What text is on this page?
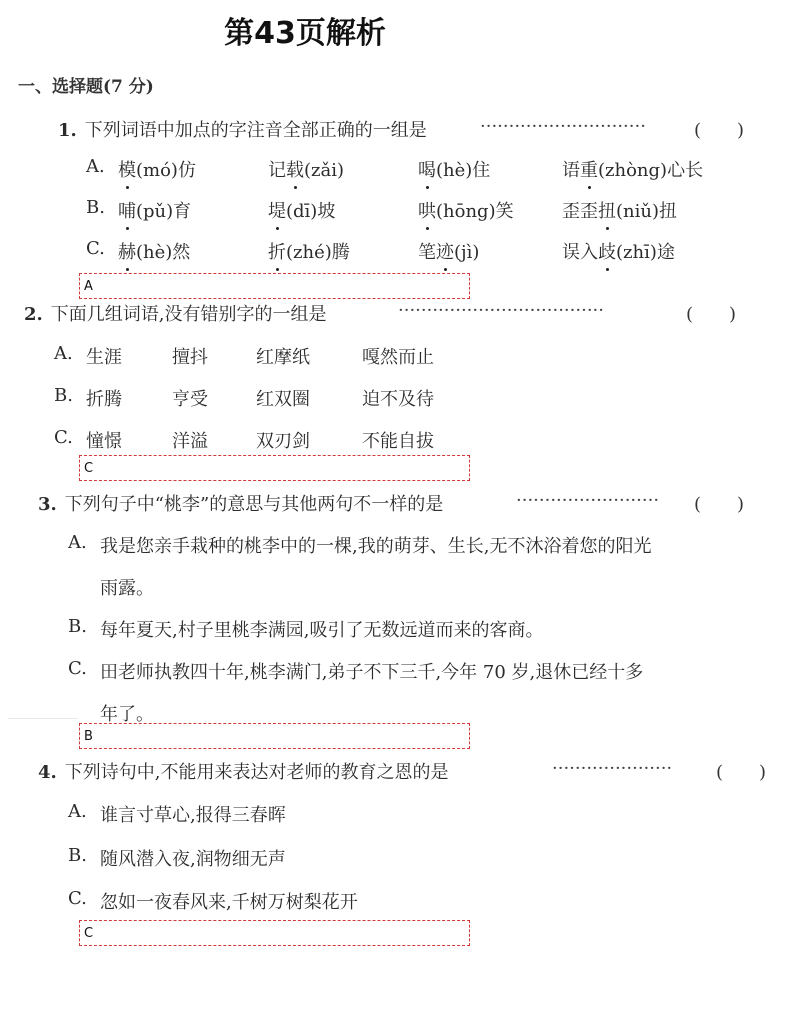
第43页解析
一、选择题(7 分)
1. 下列词语中加点的字注音全部正确的一组是	·····························	(　　)
A. 模(mó)仿	记载(zǎi)	喝(hè)住	语重(zhòng)心长
B. 哺(pǔ)育	堤(dī)坡	哄(hōng)笑	歪歪扭(niǔ)扭
C. 赫(hè)然	折(zhé)腾	笔迹(jì)	误入歧(zhī)途
A
2. 下面几组词语,没有错别字的一组是	····································	(　　)
A. 生涯	擅抖	红摩纸	嘎然而止
B. 折腾	亨受	红双圈	迫不及待
C. 憧憬	洋溢	双刃剑	不能自拔
C
3. 下列句子中“桃李”的意思与其他两句不一样的是	························· (　　)
A. 我是您亲手栽种的桃李中的一棵,我的萌芽、生长,无不沐浴着您的阳光
雨露。
B. 每年夏天,村子里桃李满园,吸引了无数远道而来的客商。
C. 田老师执教四十年,桃李满门,弟子不下三千,今年 70 岁,退休已经十多
年了。
B
4. 下列诗句中,不能用来表达对老师的教育之恩的是	····················· (　　)
A. 谁言寸草心,报得三春晖
B. 随风潜入夜,润物细无声
C. 忽如一夜春风来,千树万树梨花开
C
